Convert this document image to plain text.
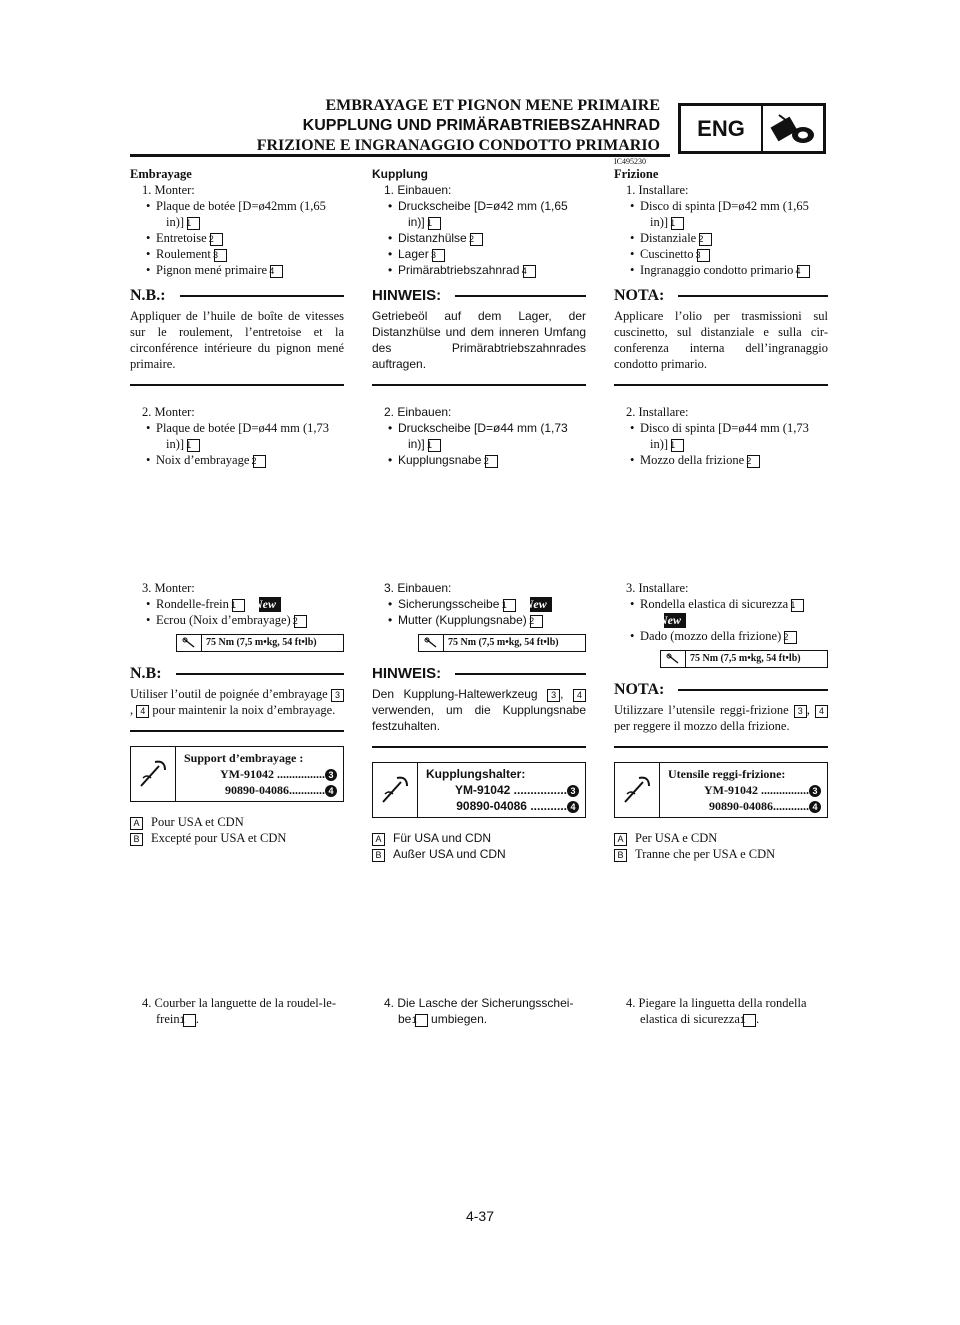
EMBRAYAGE ET PIGNON MENE PRIMAIRE
KUPPLUNG UND PRIMÄRABTRIEBSZAHNRAD
FRIZIONE E INGRANAGGIO CONDOTTO PRIMARIO
ENG
IC495230
Embrayage
1. Monter:
• Plaque de botée [D=ø42mm (1,65 in)] 1
• Entretoise 2
• Roulement 3
• Pignon mené primaire 4
N.B.:
Appliquer de l’huile de boîte de vitesses sur le roulement, l’entretoise et la circonférence intérieure du pignon mené primaire.
2. Monter:
• Plaque de botée [D=ø44 mm (1,73 in)] 1
• Noix d’embrayage 2
3. Monter:
• Rondelle-frein 1 New
• Ecrou (Noix d’embrayage) 2
75 Nm (7,5 m•kg, 54 ft•lb)
N.B:
Utiliser l’outil de poignée d’embrayage 3, 4 pour maintenir la noix d’embrayage.
Support d’embrayage :
YM-91042 ................ 3
90890-04086............ 4
A Pour USA et CDN
B Excepté pour USA et CDN
4. Courber la languette de la roudel-le-frein 1 .
Kupplung
1. Einbauen:
• Druckscheibe [D=ø42 mm (1,65 in)] 1
• Distanzhülse 2
• Lager 3
• Primärabtriebszahnrad 4
HINWEIS:
Getriebeöl auf dem Lager, der Distanzhülse und dem inneren Umfang des Primärabtriebszahnrades auftragen.
2. Einbauen:
• Druckscheibe [D=ø44 mm (1,73 in)] 1
• Kupplungsnabe 2
3. Einbauen:
• Sicherungsscheibe 1 New
• Mutter (Kupplungsnabe) 2
75 Nm (7,5 m•kg, 54 ft•lb)
HINWEIS:
Den Kupplung-Haltewerkzeug 3 , 4 verwenden, um die Kupplungsnabe festzuhalten.
Kupplungshalter:
YM-91042 ................ 3
90890-04086 ........... 4
A Für USA und CDN
B Außer USA und CDN
4. Die Lasche der Sicherungsschei-be 1 umbiegen.
Frizione
1. Installare:
• Disco di spinta [D=ø42 mm (1,65 in)] 1
• Distanziale 2
• Cuscinetto 3
• Ingranaggio condotto primario 4
NOTA:
Applicare l’olio per trasmissioni sul cuscinetto, sul distanziale e sulla cir-conferenza interna dell’ingranaggio condotto primario.
2. Installare:
• Disco di spinta [D=ø44 mm (1,73 in)] 1
• Mozzo della frizione 2
3. Installare:
• Rondella elastica di sicurezza 1New
• Dado (mozzo della frizione) 2
75 Nm (7,5 m•kg, 54 ft•lb)
NOTA:
Utilizzare l’utensile reggi-frizione 3 , 4 per reggere il mozzo della frizione.
Utensile reggi-frizione:
YM-91042 ................ 3
90890-04086............ 4
A Per USA e CDN
B Tranne che per USA e CDN
4. Piegare la linguetta della rondella elastica di sicurezza 1 .
4-37
